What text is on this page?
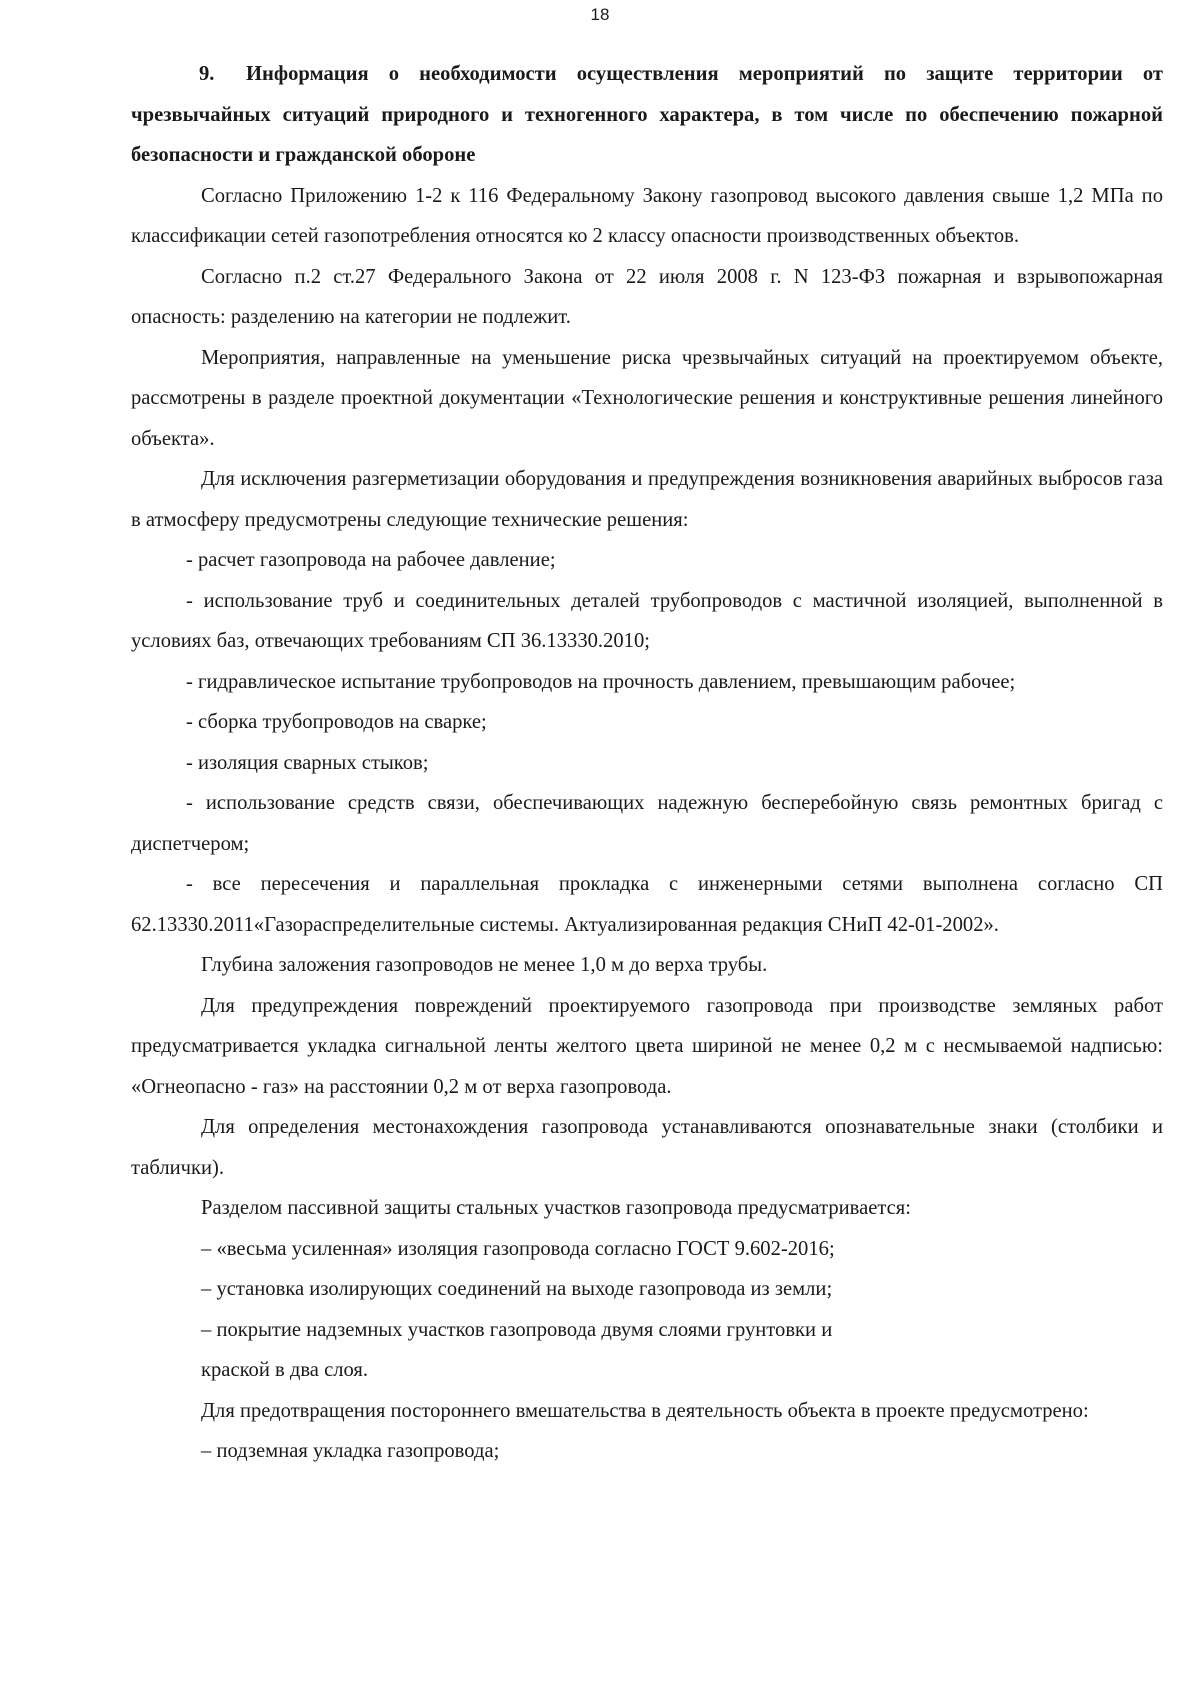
18

9. Информация о необходимости осуществления мероприятий по защите территории от чрезвычайных ситуаций природного и техногенного характера, в том числе по обеспечению пожарной безопасности и гражданской обороне

Согласно Приложению 1-2 к 116 Федеральному Закону газопровод высокого давления свыше 1,2 МПа по классификации сетей газопотребления относятся ко 2 классу опасности производственных объектов.

Согласно п.2 ст.27 Федерального Закона от 22 июля 2008 г. N 123-ФЗ пожарная и взрывопожарная опасность: разделению на категории не подлежит.

Мероприятия, направленные на уменьшение риска чрезвычайных ситуаций на проектируемом объекте, рассмотрены в разделе проектной документации «Технологические решения и конструктивные решения линейного объекта».

Для исключения разгерметизации оборудования и предупреждения возникновения аварийных выбросов газа в атмосферу предусмотрены следующие технические решения:

- расчет газопровода на рабочее давление;

- использование труб и соединительных деталей трубопроводов с мастичной изоляцией, выполненной в условиях баз, отвечающих требованиям СП 36.13330.2010;

- гидравлическое испытание трубопроводов на прочность давлением, превышающим рабочее;

- сборка трубопроводов на сварке;

- изоляция сварных стыков;

- использование средств связи, обеспечивающих надежную бесперебойную связь ремонтных бригад с диспетчером;

- все пересечения и параллельная прокладка с инженерными сетями выполнена согласно СП 62.13330.2011«Газораспределительные системы. Актуализированная редакция СНиП 42-01-2002».

Глубина заложения газопроводов не менее 1,0 м до верха трубы.

Для предупреждения повреждений проектируемого газопровода при производстве земляных работ предусматривается укладка сигнальной ленты желтого цвета шириной не менее 0,2 м с несмываемой надписью: «Огнеопасно - газ» на расстоянии 0,2 м от верха газопровода.

Для определения местонахождения газопровода устанавливаются опознавательные знаки (столбики и таблички).

Разделом пассивной защиты стальных участков газопровода предусматривается:

– «весьма усиленная» изоляция газопровода согласно ГОСТ 9.602-2016;

– установка изолирующих соединений на выходе газопровода из земли;

– покрытие надземных участков газопровода двумя слоями грунтовки и

краской в два слоя.

Для предотвращения постороннего вмешательства в деятельность объекта в проекте предусмотрено:

– подземная укладка газопровода;
